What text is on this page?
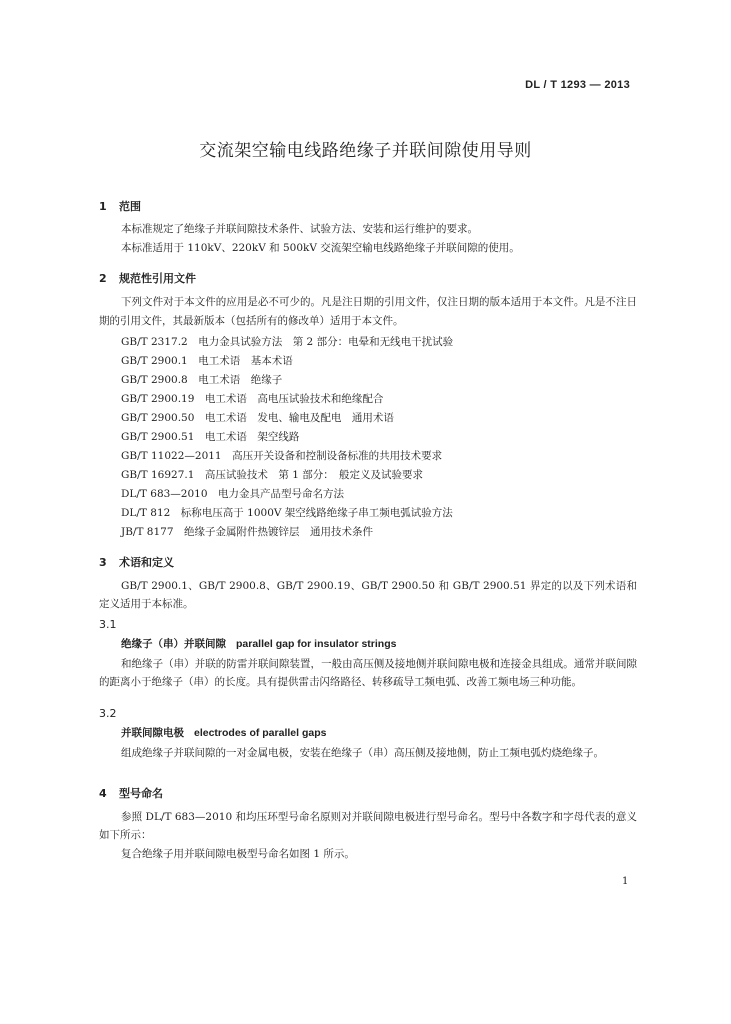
DL / T 1293 — 2013
交流架空输电线路绝缘子并联间隙使用导则
1 范围
本标准规定了绝缘子并联间隙技术条件、试验方法、安装和运行维护的要求。
本标准适用于 110kV、220kV 和 500kV 交流架空输电线路绝缘子并联间隙的使用。
2 规范性引用文件
下列文件对于本文件的应用是必不可少的。凡是注日期的引用文件，仅注日期的版本适用于本文件。凡是不注日期的引用文件，其最新版本（包括所有的修改单）适用于本文件。
GB/T 2317.2　电力金具试验方法　第 2 部分：电晕和无线电干扰试验
GB/T 2900.1　电工术语　基本术语
GB/T 2900.8　电工术语　绝缘子
GB/T 2900.19　电工术语　高电压试验技术和绝缘配合
GB/T 2900.50　电工术语　发电、输电及配电　通用术语
GB/T 2900.51　电工术语　架空线路
GB/T 11022—2011　高压开关设备和控制设备标准的共用技术要求
GB/T 16927.1　高压试验技术　第 1 部分：　般定义及试验要求
DL/T 683—2010　电力金具产品型号命名方法
DL/T 812　标称电压高于 1000V 架空线路绝缘子串工频电弧试验方法
JB/T 8177　绝缘子金属附件热镀锌层　通用技术条件
3 术语和定义
GB/T 2900.1、GB/T 2900.8、GB/T 2900.19、GB/T 2900.50 和 GB/T 2900.51 界定的以及下列术语和定义适用于本标准。
3.1
绝缘子（串）并联间隙 parallel gap for insulator strings
和绝缘子（串）并联的防雷并联间隙装置，一般由高压侧及接地侧并联间隙电极和连接金具组成。通常并联间隙的距离小于绝缘子（串）的长度。具有提供雷击闪络路径、转移疏导工频电弧、改善工频电场三种功能。
3.2
并联间隙电极 electrodes of parallel gaps
组成绝缘子并联间隙的一对金属电极，安装在绝缘子（串）高压侧及接地侧，防止工频电弧灼烧绝缘子。
4 型号命名
参照 DL/T 683—2010 和均压环型号命名原则对并联间隙电极进行型号命名。型号中各数字和字母代表的意义如下所示：
复合绝缘子用并联间隙电极型号命名如图 1 所示。
1
